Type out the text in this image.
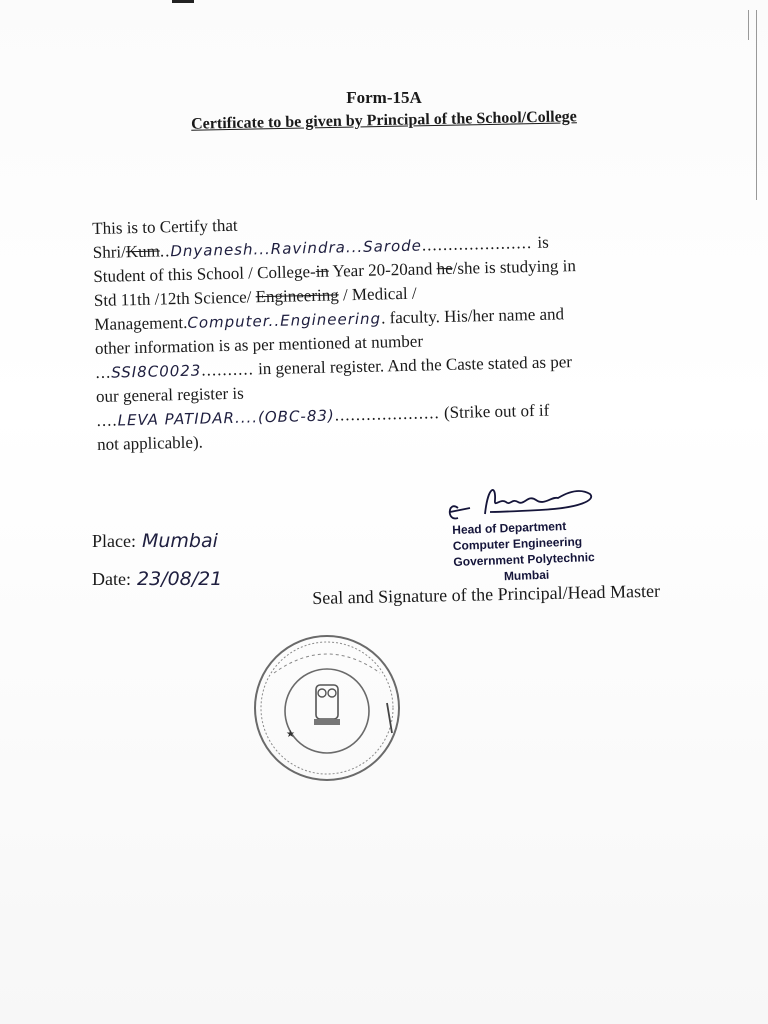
Form-15A
Certificate to be given by Principal of the School/College
This is to Certify that
Shri/Kum..Dnyanesh...Ravindra...Sarode..................... is
Student of this School / College-in Year 20-20and he/she is studying in
Std 11th /12th Science/ Engineering / Medical /
Management.Computer..Engineering. faculty. His/her name and
other information is as per mentioned at number
...SSI8C0023.......... in general register. And the Caste stated as per
our general register is
....LEVA PATIDAR....(OBC-83).................... (Strike out of if
not applicable).
Place: Mumbai
Date: 23/08/21
Head of Department
Computer Engineering
Government Polytechnic
Mumbai
Seal and Signature of the Principal/Head Master
★
